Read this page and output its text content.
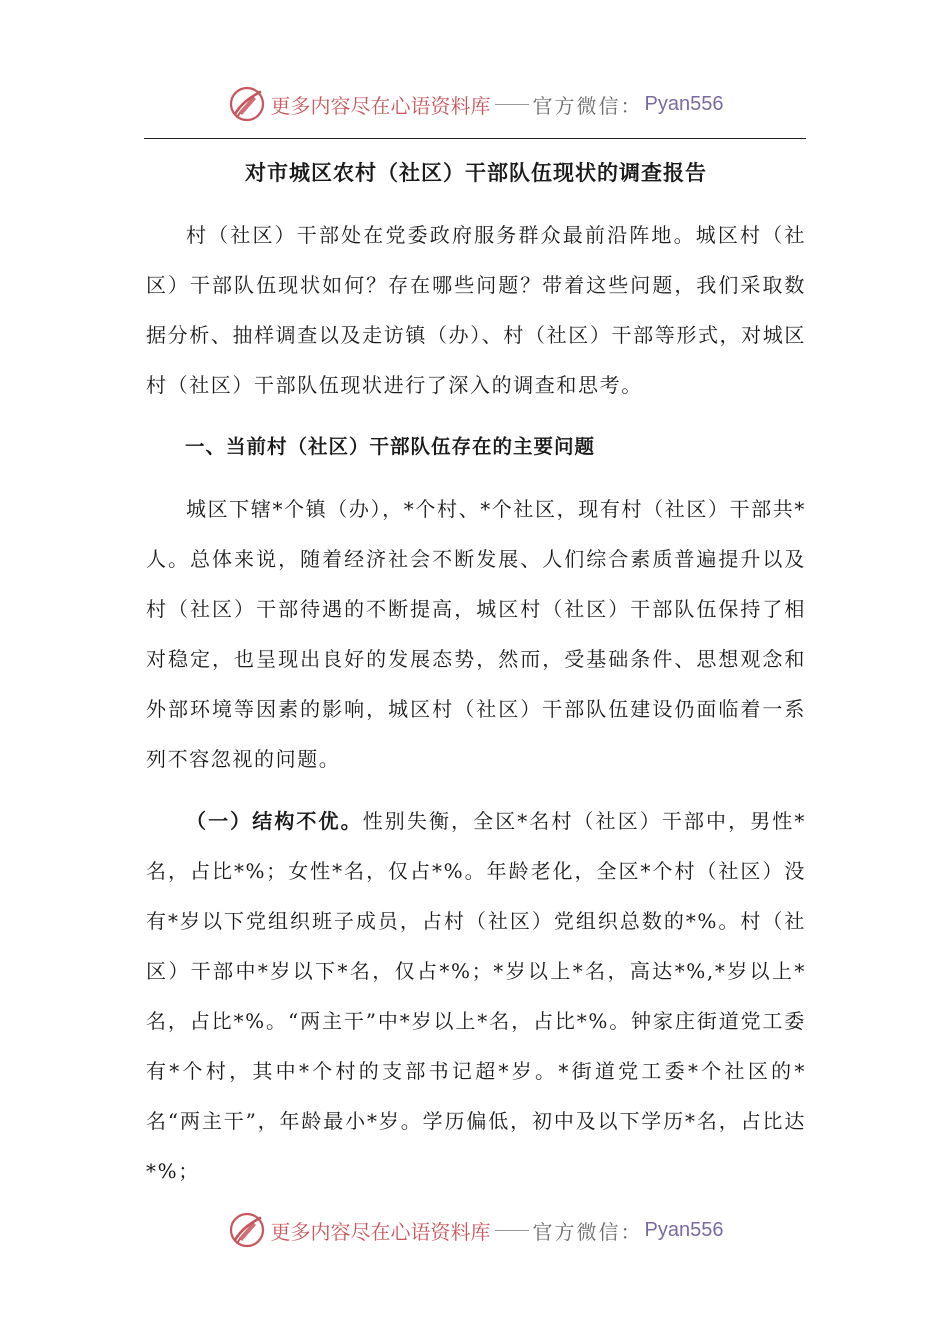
更多内容尽在心语资料库 官方微信： Pyan556
对市城区农村（社区）干部队伍现状的调查报告

村（社区）干部处在党委政府服务群众最前沿阵地。城区村（社区）干部队伍现状如何？存在哪些问题？带着这些问题，我们采取数据分析、抽样调查以及走访镇（办）、村（社区）干部等形式，对城区村（社区）干部队伍现状进行了深入的调查和思考。

一、当前村（社区）干部队伍存在的主要问题

城区下辖*个镇（办），*个村、*个社区，现有村（社区）干部共*人。总体来说，随着经济社会不断发展、人们综合素质普遍提升以及村（社区）干部待遇的不断提高，城区村（社区）干部队伍保持了相对稳定，也呈现出良好的发展态势，然而，受基础条件、思想观念和外部环境等因素的影响，城区村（社区）干部队伍建设仍面临着一系列不容忽视的问题。

（一）结构不优。性别失衡，全区*名村（社区）干部中，男性*名，占比*%；女性*名，仅占*%。年龄老化，全区*个村（社区）没有*岁以下党组织班子成员，占村（社区）党组织总数的*%。村（社区）干部中*岁以下*名，仅占*%；*岁以上*名，高达*%,*岁以上*名，占比*%。“两主干”中*岁以上*名，占比*%。钟家庄街道党工委有*个村，其中*个村的支部书记超*岁。*街道党工委*个社区的*名“两主干”，年龄最小*岁。学历偏低，初中及以下学历*名，占比达*%；

更多内容尽在心语资料库 官方微信： Pyan556
